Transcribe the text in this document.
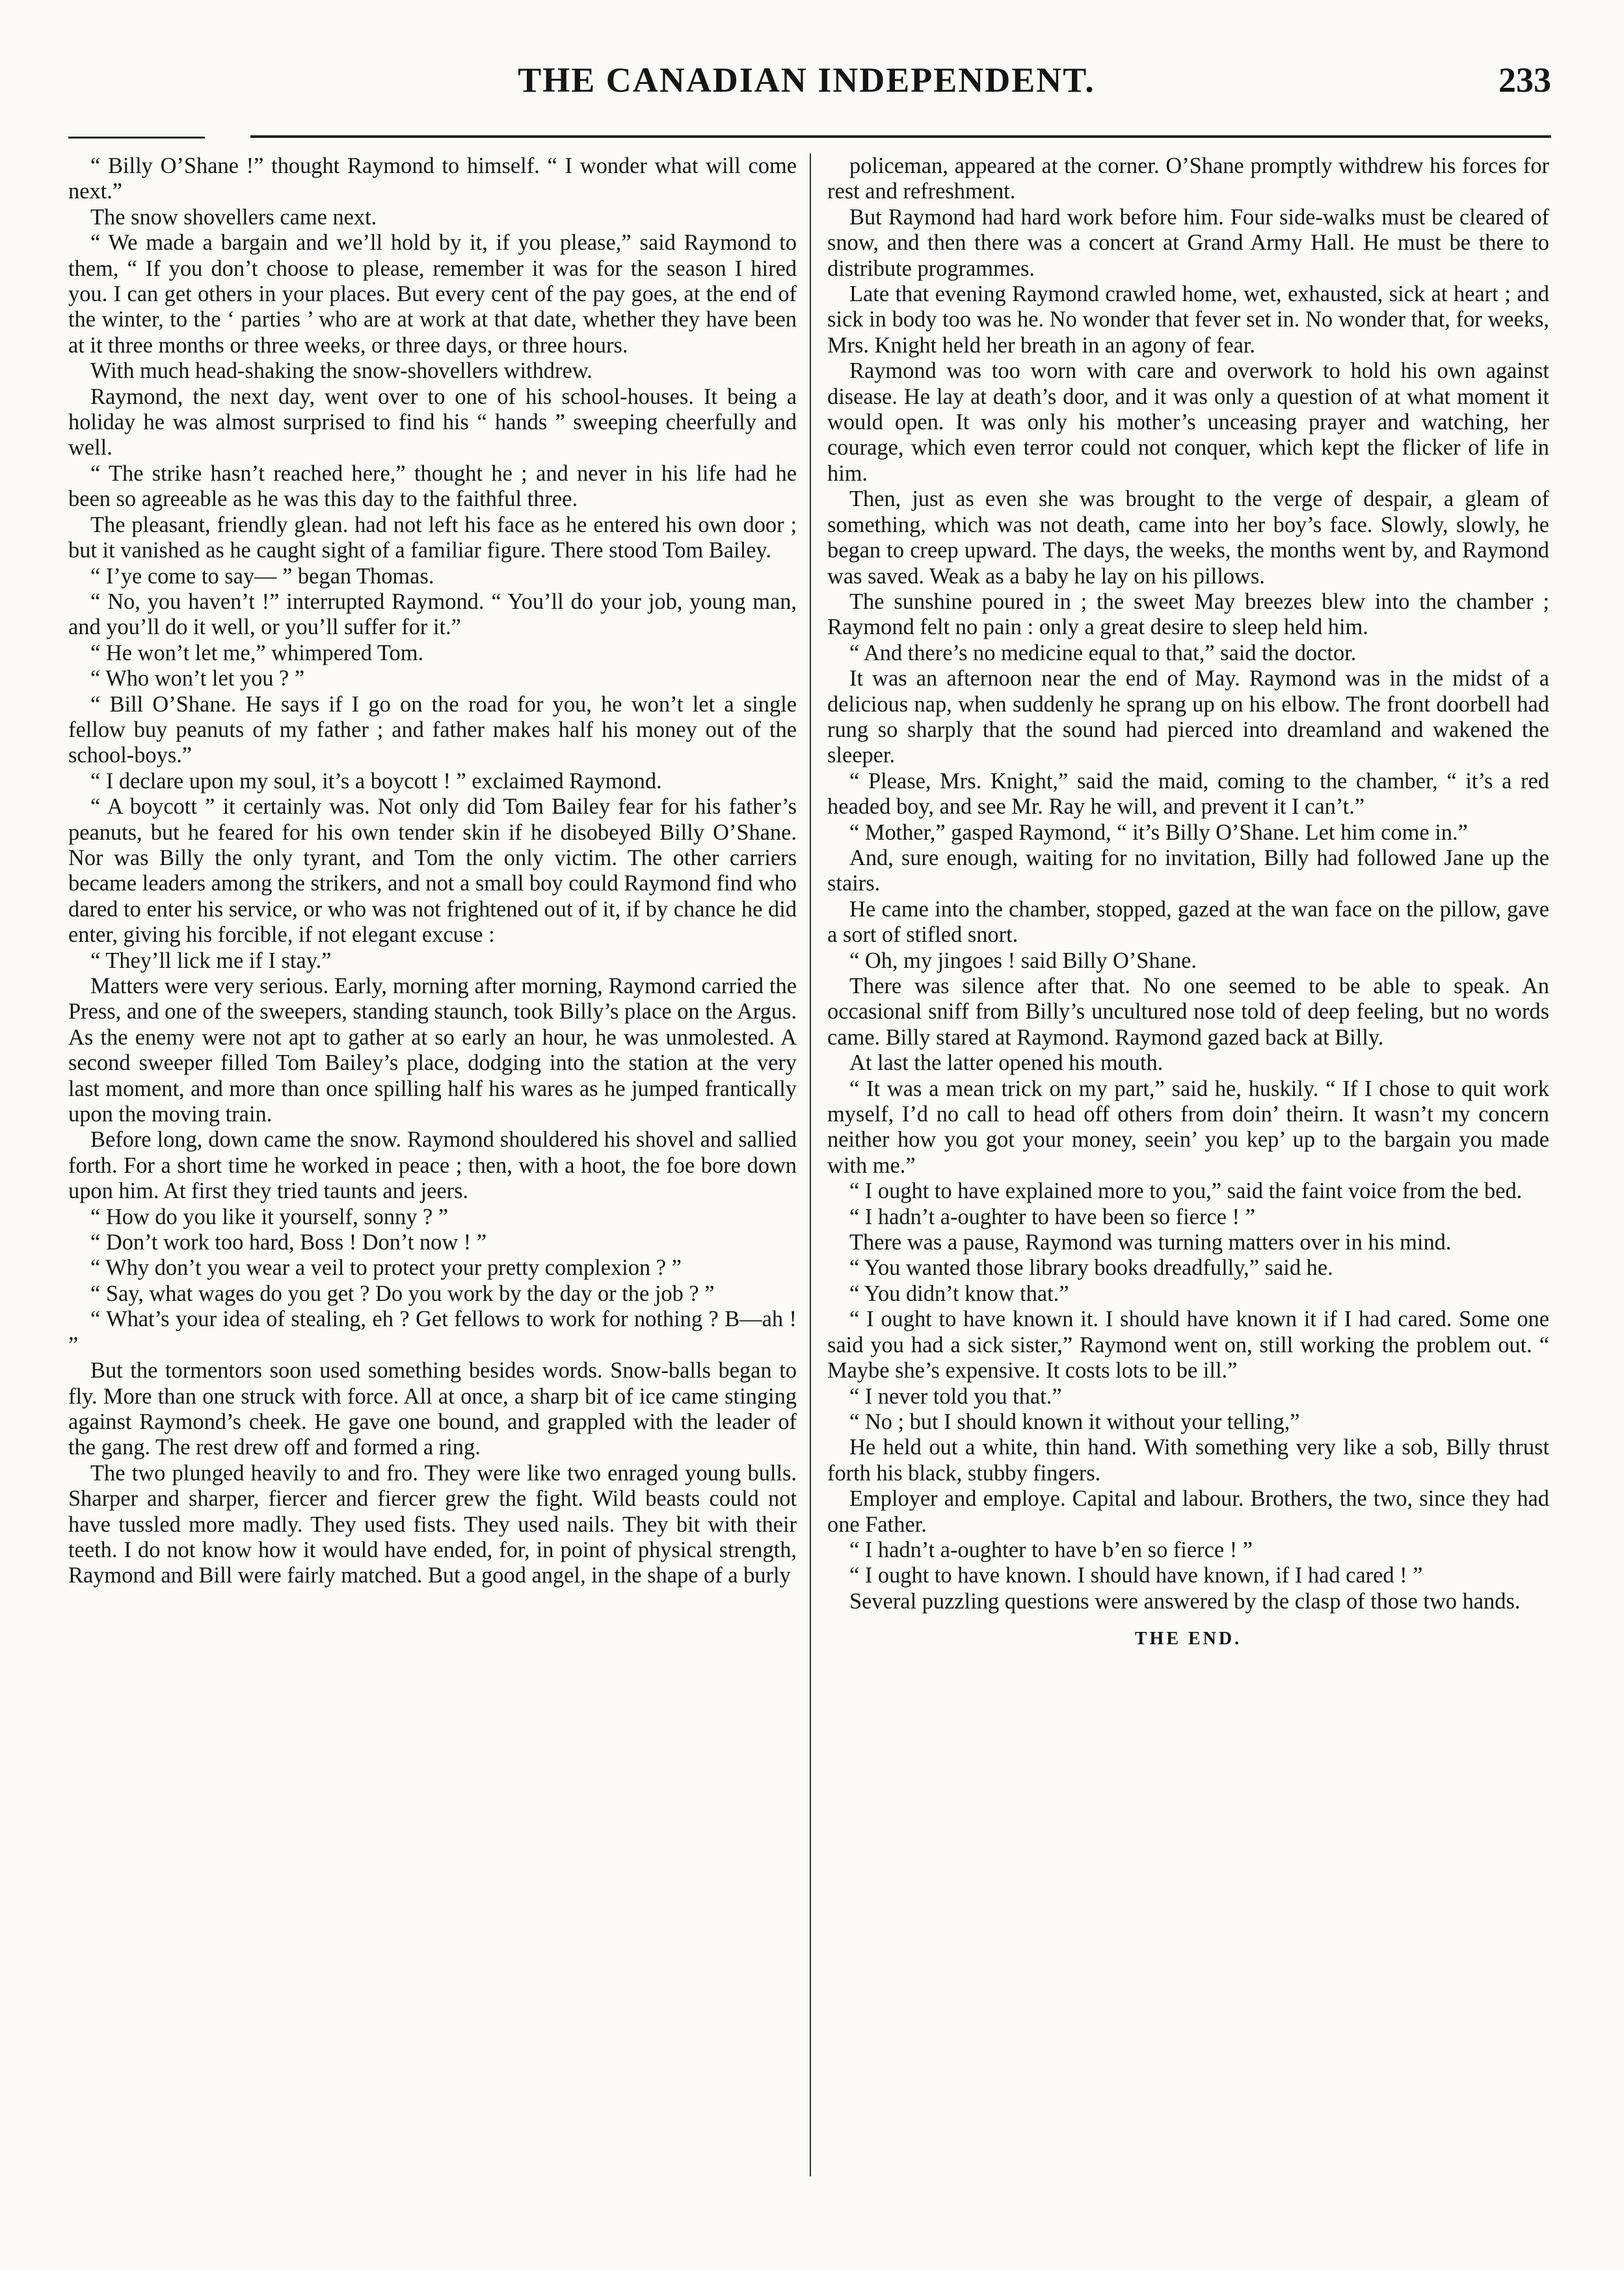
THE CANADIAN INDEPENDENT.	233

“ Billy O’Shane !” thought Raymond to himself. “ I wonder what will come next.”

The snow shovellers came next.

“ We made a bargain and we’ll hold by it, if you please,” said Raymond to them, “ If you don’t choose to please, remember it was for the season I hired you. I can get others in your places. But every cent of the pay goes, at the end of the winter, to the ‘ parties ’ who are at work at that date, whether they have been at it three months or three weeks, or three days, or three hours.

With much head-shaking the snow-shovellers withdrew.

Raymond, the next day, went over to one of his school-houses. It being a holiday he was almost surprised to find his “ hands ” sweeping cheerfully and well.

“ The strike hasn’t reached here,” thought he ; and never in his life had he been so agreeable as he was this day to the faithful three.

The pleasant, friendly glean. had not left his face as he entered his own door ; but it vanished as he caught sight of a familiar figure. There stood Tom Bailey.

“ I’ye come to say— ” began Thomas.

“ No, you haven’t !” interrupted Raymond. “ You’ll do your job, young man, and you’ll do it well, or you’ll suffer for it.”

“ He won’t let me,” whimpered Tom.

“ Who won’t let you ? ”

“ Bill O’Shane. He says if I go on the road for you, he won’t let a single fellow buy peanuts of my father ; and father makes half his money out of the school-boys.”

“ I declare upon my soul, it’s a boycott ! ” exclaimed Raymond.

“ A boycott ” it certainly was. Not only did Tom Bailey fear for his father’s peanuts, but he feared for his own tender skin if he disobeyed Billy O’Shane. Nor was Billy the only tyrant, and Tom the only victim. The other carriers became leaders among the strikers, and not a small boy could Raymond find who dared to enter his service, or who was not frightened out of it, if by chance he did enter, giving his forcible, if not elegant excuse :

“ They’ll lick me if I stay.”

Matters were very serious. Early, morning after morning, Raymond carried the Press, and one of the sweepers, standing staunch, took Billy’s place on the Argus. As the enemy were not apt to gather at so early an hour, he was unmolested. A second sweeper filled Tom Bailey’s place, dodging into the station at the very last moment, and more than once spilling half his wares as he jumped frantically upon the moving train.

Before long, down came the snow. Raymond shouldered his shovel and sallied forth. For a short time he worked in peace ; then, with a hoot, the foe bore down upon him. At first they tried taunts and jeers.

“ How do you like it yourself, sonny ? ”

“ Don’t work too hard, Boss ! Don’t now ! ”

“ Why don’t you wear a veil to protect your pretty complexion ? ”

“ Say, what wages do you get ? Do you work by the day or the job ? ”

“ What’s your idea of stealing, eh ? Get fellows to work for nothing ? B—ah ! ”

But the tormentors soon used something besides words. Snow-balls began to fly. More than one struck with force. All at once, a sharp bit of ice came stinging against Raymond’s cheek. He gave one bound, and grappled with the leader of the gang. The rest drew off and formed a ring.

The two plunged heavily to and fro. They were like two enraged young bulls. Sharper and sharper, fiercer and fiercer grew the fight. Wild beasts could not have tussled more madly. They used fists. They used nails. They bit with their teeth. I do not know how it would have ended, for, in point of physical strength, Raymond and Bill were fairly matched. But a good angel, in the shape of a burly

policeman, appeared at the corner. O’Shane promptly withdrew his forces for rest and refreshment.

But Raymond had hard work before him. Four side-walks must be cleared of snow, and then there was a concert at Grand Army Hall. He must be there to distribute programmes.

Late that evening Raymond crawled home, wet, exhausted, sick at heart ; and sick in body too was he. No wonder that fever set in. No wonder that, for weeks, Mrs. Knight held her breath in an agony of fear.

Raymond was too worn with care and overwork to hold his own against disease. He lay at death’s door, and it was only a question of at what moment it would open. It was only his mother’s unceasing prayer and watching, her courage, which even terror could not conquer, which kept the flicker of life in him.

Then, just as even she was brought to the verge of despair, a gleam of something, which was not death, came into her boy’s face. Slowly, slowly, he began to creep upward. The days, the weeks, the months went by, and Raymond was saved. Weak as a baby he lay on his pillows.

The sunshine poured in ; the sweet May breezes blew into the chamber ; Raymond felt no pain : only a great desire to sleep held him.

“ And there’s no medicine equal to that,” said the doctor.

It was an afternoon near the end of May. Raymond was in the midst of a delicious nap, when suddenly he sprang up on his elbow. The front doorbell had rung so sharply that the sound had pierced into dreamland and wakened the sleeper.

“ Please, Mrs. Knight,” said the maid, coming to the chamber, “ it’s a red headed boy, and see Mr. Ray he will, and prevent it I can’t.”

“ Mother,” gasped Raymond, “ it’s Billy O’Shane. Let him come in.”

And, sure enough, waiting for no invitation, Billy had followed Jane up the stairs.

He came into the chamber, stopped, gazed at the wan face on the pillow, gave a sort of stifled snort.

“ Oh, my jingoes ! said Billy O’Shane.

There was silence after that. No one seemed to be able to speak. An occasional sniff from Billy’s uncultured nose told of deep feeling, but no words came. Billy stared at Raymond. Raymond gazed back at Billy.

At last the latter opened his mouth.

“ It was a mean trick on my part,” said he, huskily. “ If I chose to quit work myself, I’d no call to head off others from doin’ theirn. It wasn’t my concern neither how you got your money, seein’ you kep’ up to the bargain you made with me.”

“ I ought to have explained more to you,” said the faint voice from the bed.

“ I hadn’t a-oughter to have been so fierce ! ”

There was a pause, Raymond was turning matters over in his mind.

“ You wanted those library books dreadfully,” said he.

“ You didn’t know that.”

“ I ought to have known it. I should have known it if I had cared. Some one said you had a sick sister,” Raymond went on, still working the problem out. “ Maybe she’s expensive. It costs lots to be ill.”

“ I never told you that.”

“ No ; but I should known it without your telling,”

He held out a white, thin hand. With something very like a sob, Billy thrust forth his black, stubby fingers.

Employer and employe. Capital and labour. Brothers, the two, since they had one Father.

“ I hadn’t a-oughter to have b’en so fierce ! ”

“ I ought to have known. I should have known, if I had cared ! ”

Several puzzling questions were answered by the clasp of those two hands.

THE END.
